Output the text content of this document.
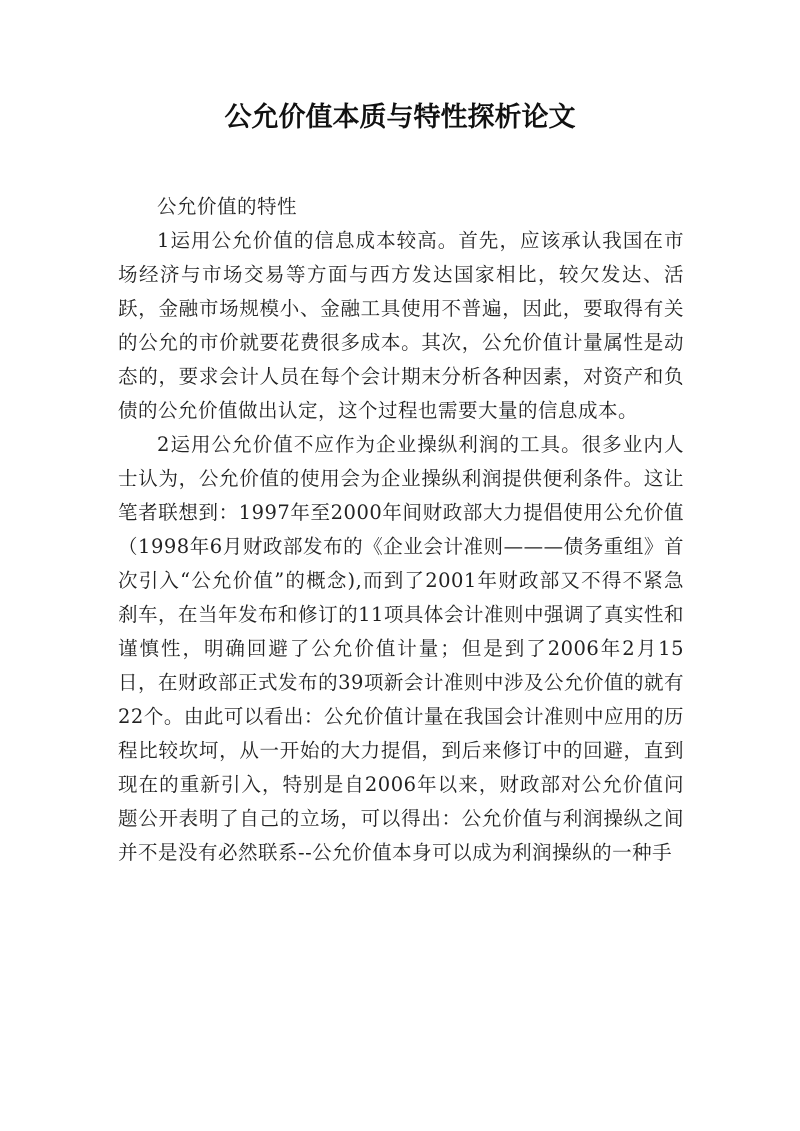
公允价值本质与特性探析论文

公允价值的特性

1运用公允价值的信息成本较高。首先，应该承认我国在市场经济与市场交易等方面与西方发达国家相比，较欠发达、活跃，金融市场规模小、金融工具使用不普遍，因此，要取得有关的公允的市价就要花费很多成本。其次，公允价值计量属性是动态的，要求会计人员在每个会计期末分析各种因素，对资产和负债的公允价值做出认定，这个过程也需要大量的信息成本。

2运用公允价值不应作为企业操纵利润的工具。很多业内人士认为，公允价值的使用会为企业操纵利润提供便利条件。这让笔者联想到：1997年至2000年间财政部大力提倡使用公允价值（1998年6月财政部发布的《企业会计准则———债务重组》首次引入“公允价值”的概念),而到了2001年财政部又不得不紧急刹车，在当年发布和修订的11项具体会计准则中强调了真实性和谨慎性，明确回避了公允价值计量；但是到了2006年2月15日，在财政部正式发布的39项新会计准则中涉及公允价值的就有22个。由此可以看出：公允价值计量在我国会计准则中应用的历程比较坎坷，从一开始的大力提倡，到后来修订中的回避，直到现在的重新引入，特别是自2006年以来，财政部对公允价值问题公开表明了自己的立场，可以得出：公允价值与利润操纵之间并不是没有必然联系--公允价值本身可以成为利润操纵的一种手
